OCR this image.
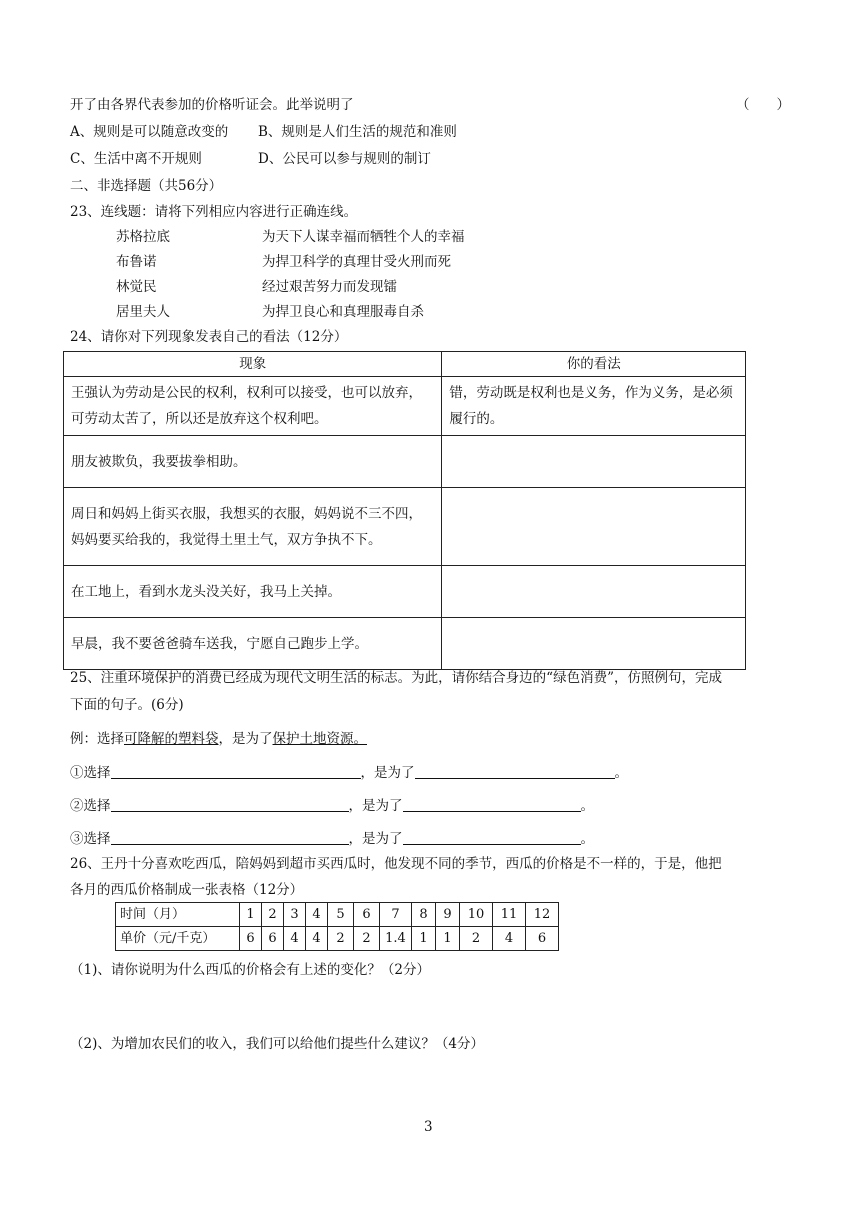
开了由各界代表参加的价格听证会。此举说明了	（　　）
A、规则是可以随意改变的 B、规则是人们生活的规范和准则
C、生活中离不开规则	D、公民可以参与规则的制订
二、非选择题（共56分）
23、连线题：请将下列相应内容进行正确连线。
苏格拉底	为天下人谋幸福而牺牲个人的幸福
布鲁诺	为捍卫科学的真理甘受火刑而死
林觉民	经过艰苦努力而发现镭
居里夫人	为捍卫良心和真理服毒自杀
24、请你对下列现象发表自己的看法（12分）
现象	你的看法
王强认为劳动是公民的权利，权利可以接受，也可以放弃，可劳动太苦了，所以还是放弃这个权利吧。	错，劳动既是权利也是义务，作为义务，是必须履行的。
朋友被欺负，我要拔拳相助。	
周日和妈妈上街买衣服，我想买的衣服，妈妈说不三不四，妈妈要买给我的，我觉得土里土气，双方争执不下。	
在工地上，看到水龙头没关好，我马上关掉。	
早晨，我不要爸爸骑车送我，宁愿自己跑步上学。	
25、注重环境保护的消费已经成为现代文明生活的标志。为此，请你结合身边的“绿色消费”，仿照例句，完成
下面的句子。(6分)
例：选择可降解的塑料袋，是为了保护土地资源。
①选择	，是为了	。
②选择	，是为了	。
③选择	，是为了	。
26、王丹十分喜欢吃西瓜，陪妈妈到超市买西瓜时，他发现不同的季节，西瓜的价格是不一样的，于是，他把
各月的西瓜价格制成一张表格（12分）
时间（月）	1	2	3	4	5	6	7	8	9	10	11	12
单价（元/千克）	6	6	4	4	2	2	1.4	1	1	2	4	6
（1)、请你说明为什么西瓜的价格会有上述的变化？（2分）
（2)、为增加农民们的收入，我们可以给他们提些什么建议？（4分）
3
